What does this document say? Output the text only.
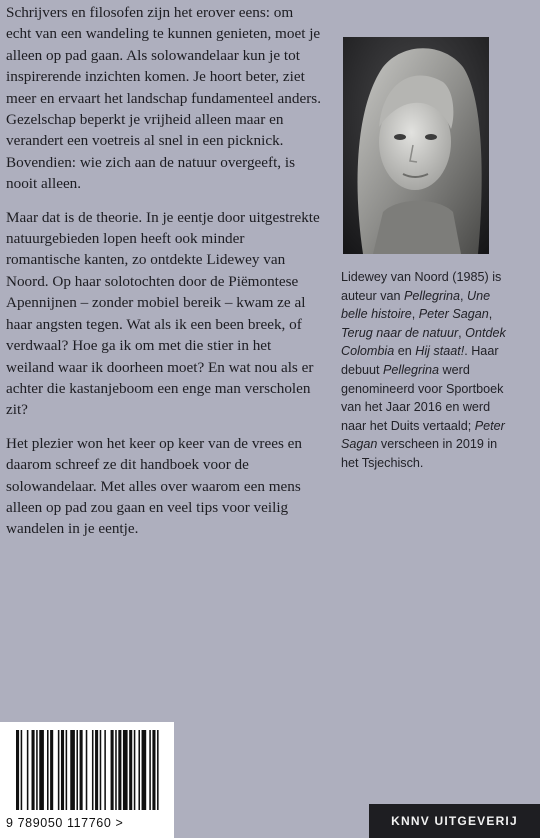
Schrijvers en filosofen zijn het erover eens: om echt van een wandeling te kunnen genieten, moet je alleen op pad gaan. Als solowandelaar kun je tot inspirerende inzichten komen. Je hoort beter, ziet meer en ervaart het landschap fundamenteel anders. Gezelschap beperkt je vrijheid alleen maar en verandert een voetreis al snel in een picknick. Bovendien: wie zich aan de natuur overgeeft, is nooit alleen.

Maar dat is de theorie. In je eentje door uitgestrekte natuurgebieden lopen heeft ook minder romantische kanten, zo ontdekte Lidewey van Noord. Op haar solotochten door de Piëmontese Apennijnen – zonder mobiel bereik – kwam ze al haar angsten tegen. Wat als ik een been breek, of verdwaal? Hoe ga ik om met die stier in het weiland waar ik doorheen moet? En wat nou als er achter die kastanjeboom een enge man verscholen zit?

Het plezier won het keer op keer van de vrees en daarom schreef ze dit handboek voor de solowandelaar. Met alles over waarom een mens alleen op pad zou gaan en veel tips voor veilig wandelen in je eentje.

Lidewey van Noord (1985) is auteur van Pellegrina, Une belle histoire, Peter Sagan, Terug naar de natuur, Ontdek Colombia en Hij staat!. Haar debuut Pellegrina werd genomineerd voor Sportboek van het Jaar 2016 en werd naar het Duits vertaald; Peter Sagan verscheen in 2019 in het Tsjechisch.
9 789050 117760 >	KNNV UITGEVERIJ
